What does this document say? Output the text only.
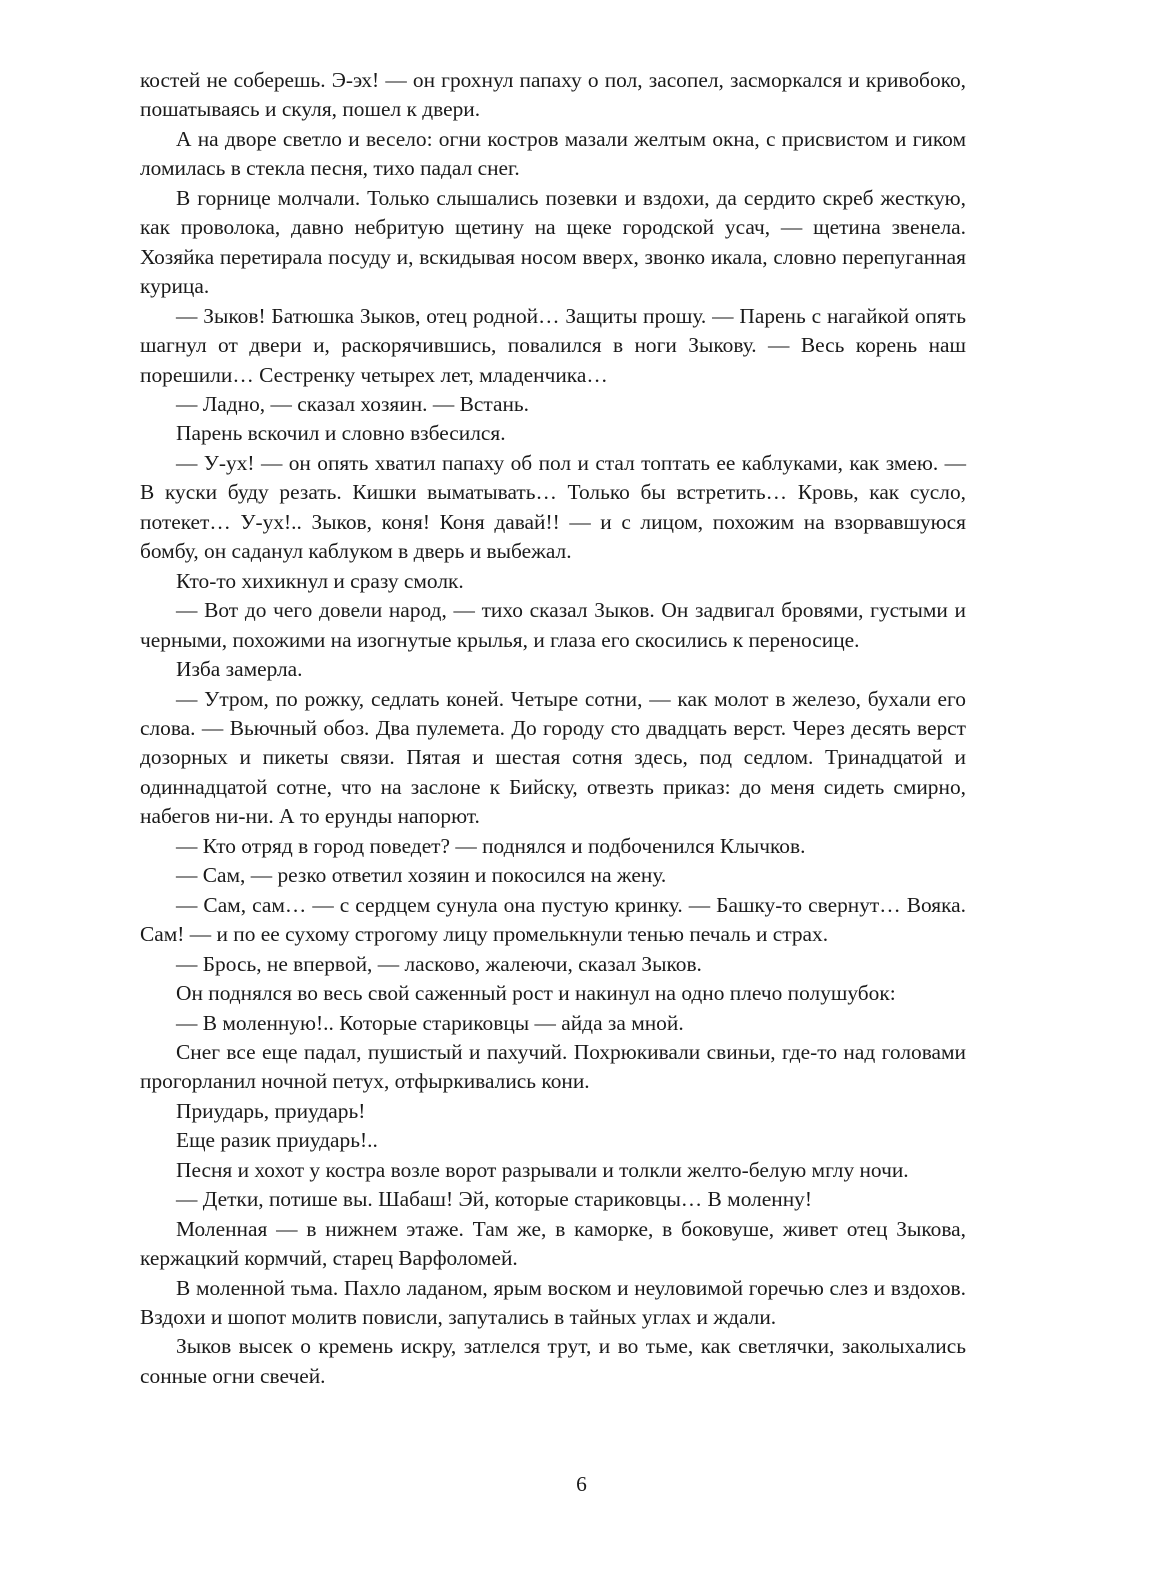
костей не соберешь. Э-эх! — он грохнул папаху о пол, засопел, засморкался и кривобоко, пошатываясь и скуля, пошел к двери.

А на дворе светло и весело: огни костров мазали желтым окна, с присвистом и гиком ломилась в стекла песня, тихо падал снег.

В горнице молчали. Только слышались позевки и вздохи, да сердито скреб жесткую, как проволока, давно небритую щетину на щеке городской усач, — щетина звенела. Хозяйка перетирала посуду и, вскидывая носом вверх, звонко икала, словно перепуганная курица.

— Зыков! Батюшка Зыков, отец родной… Защиты прошу. — Парень с нагайкой опять шагнул от двери и, раскорячившись, повалился в ноги Зыкову. — Весь корень наш порешили… Сестренку четырех лет, младенчика…

— Ладно, — сказал хозяин. — Встань.

Парень вскочил и словно взбесился.

— У-ух! — он опять хватил папаху об пол и стал топтать ее каблуками, как змею. — В куски буду резать. Кишки выматывать… Только бы встретить… Кровь, как сусло, потекет… У-ух!.. Зыков, коня! Коня давай!! — и с лицом, похожим на взорвавшуюся бомбу, он саданул каблуком в дверь и выбежал.

Кто-то хихикнул и сразу смолк.

— Вот до чего довели народ, — тихо сказал Зыков. Он задвигал бровями, густыми и черными, похожими на изогнутые крылья, и глаза его скосились к переносице.

Изба замерла.

— Утром, по рожку, седлать коней. Четыре сотни, — как молот в железо, бухали его слова. — Вьючный обоз. Два пулемета. До городу сто двадцать верст. Через десять верст дозорных и пикеты связи. Пятая и шестая сотня здесь, под седлом. Тринадцатой и одиннадцатой сотне, что на заслоне к Бийску, отвезть приказ: до меня сидеть смирно, набегов ни-ни. А то ерунды напорют.

— Кто отряд в город поведет? — поднялся и подбоченился Клычков.

— Сам, — резко ответил хозяин и покосился на жену.

— Сам, сам… — с сердцем сунула она пустую кринку. — Башку-то свернут… Вояка. Сам! — и по ее сухому строгому лицу промелькнули тенью печаль и страх.

— Брось, не впервой, — ласково, жалеючи, сказал Зыков.

Он поднялся во весь свой саженный рост и накинул на одно плечо полушубок:

— В моленную!.. Которые стариковцы — айда за мной.

Снег все еще падал, пушистый и пахучий. Похрюкивали свиньи, где-то над головами прогорланил ночной петух, отфыркивались кони.

Приударь, приударь!

Еще разик приударь!..

Песня и хохот у костра возле ворот разрывали и толкли желто-белую мглу ночи.

— Детки, потише вы. Шабаш! Эй, которые стариковцы… В моленну!

Моленная — в нижнем этаже. Там же, в каморке, в боковуше, живет отец Зыкова, кержацкий кормчий, старец Варфоломей.

В моленной тьма. Пахло ладаном, ярым воском и неуловимой горечью слез и вздохов. Вздохи и шопот молитв повисли, запутались в тайных углах и ждали.

Зыков высек о кремень искру, затлелся трут, и во тьме, как светлячки, заколыхались сонные огни свечей.

6
